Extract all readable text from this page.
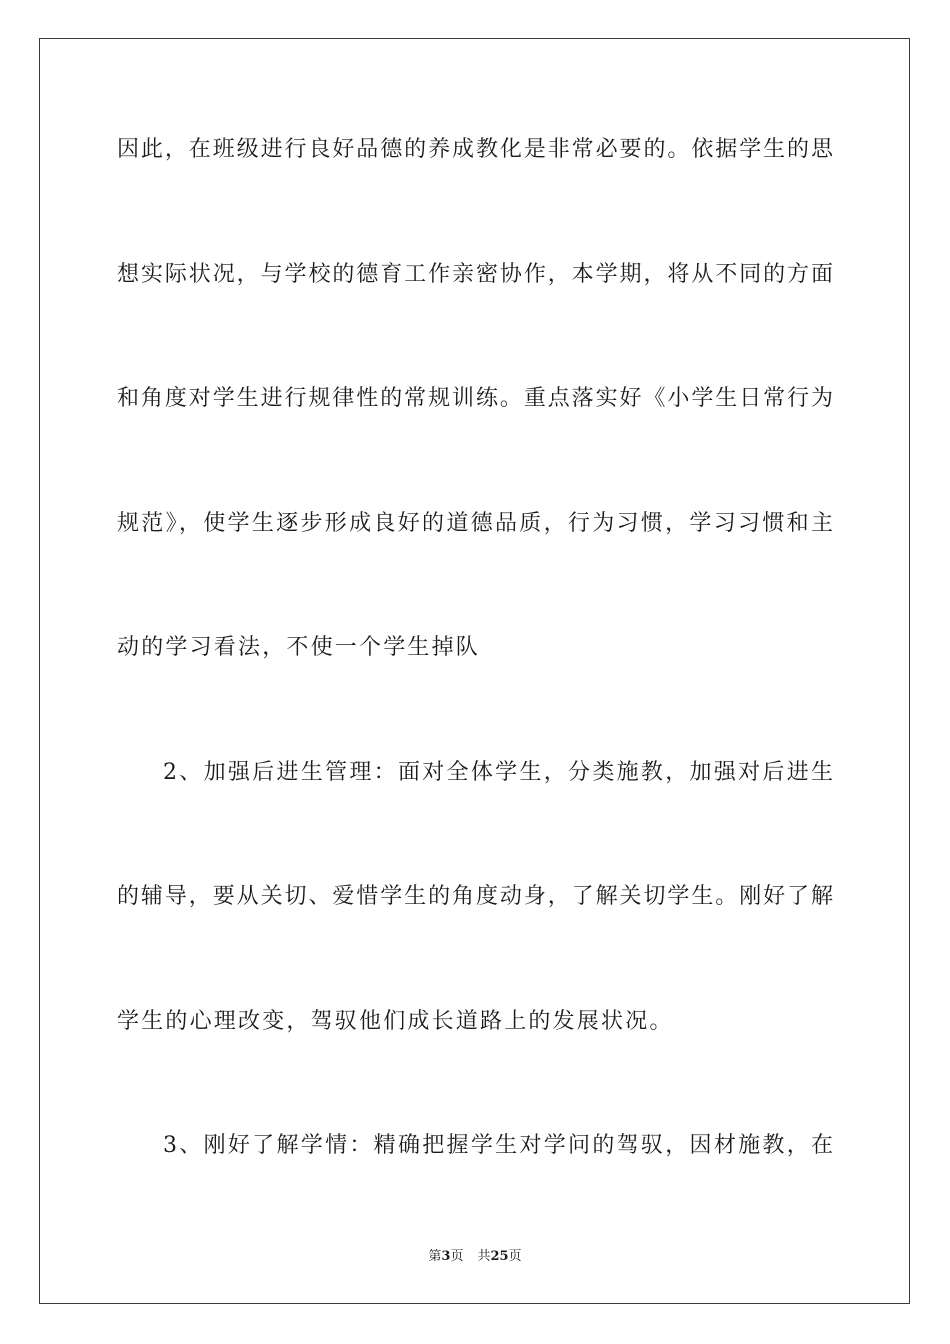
因此，在班级进行良好品德的养成教化是非常必要的。依据学生的思
想实际状况，与学校的德育工作亲密协作，本学期，将从不同的方面
和角度对学生进行规律性的常规训练。重点落实好《小学生日常行为
规范》，使学生逐步形成良好的道德品质，行为习惯，学习习惯和主
动的学习看法，不使一个学生掉队
2、加强后进生管理：面对全体学生，分类施教，加强对后进生
的辅导，要从关切、爱惜学生的角度动身，了解关切学生。刚好了解
学生的心理改变，驾驭他们成长道路上的发展状况。
3、刚好了解学情：精确把握学生对学问的驾驭，因材施教，在
第3页 共25页
